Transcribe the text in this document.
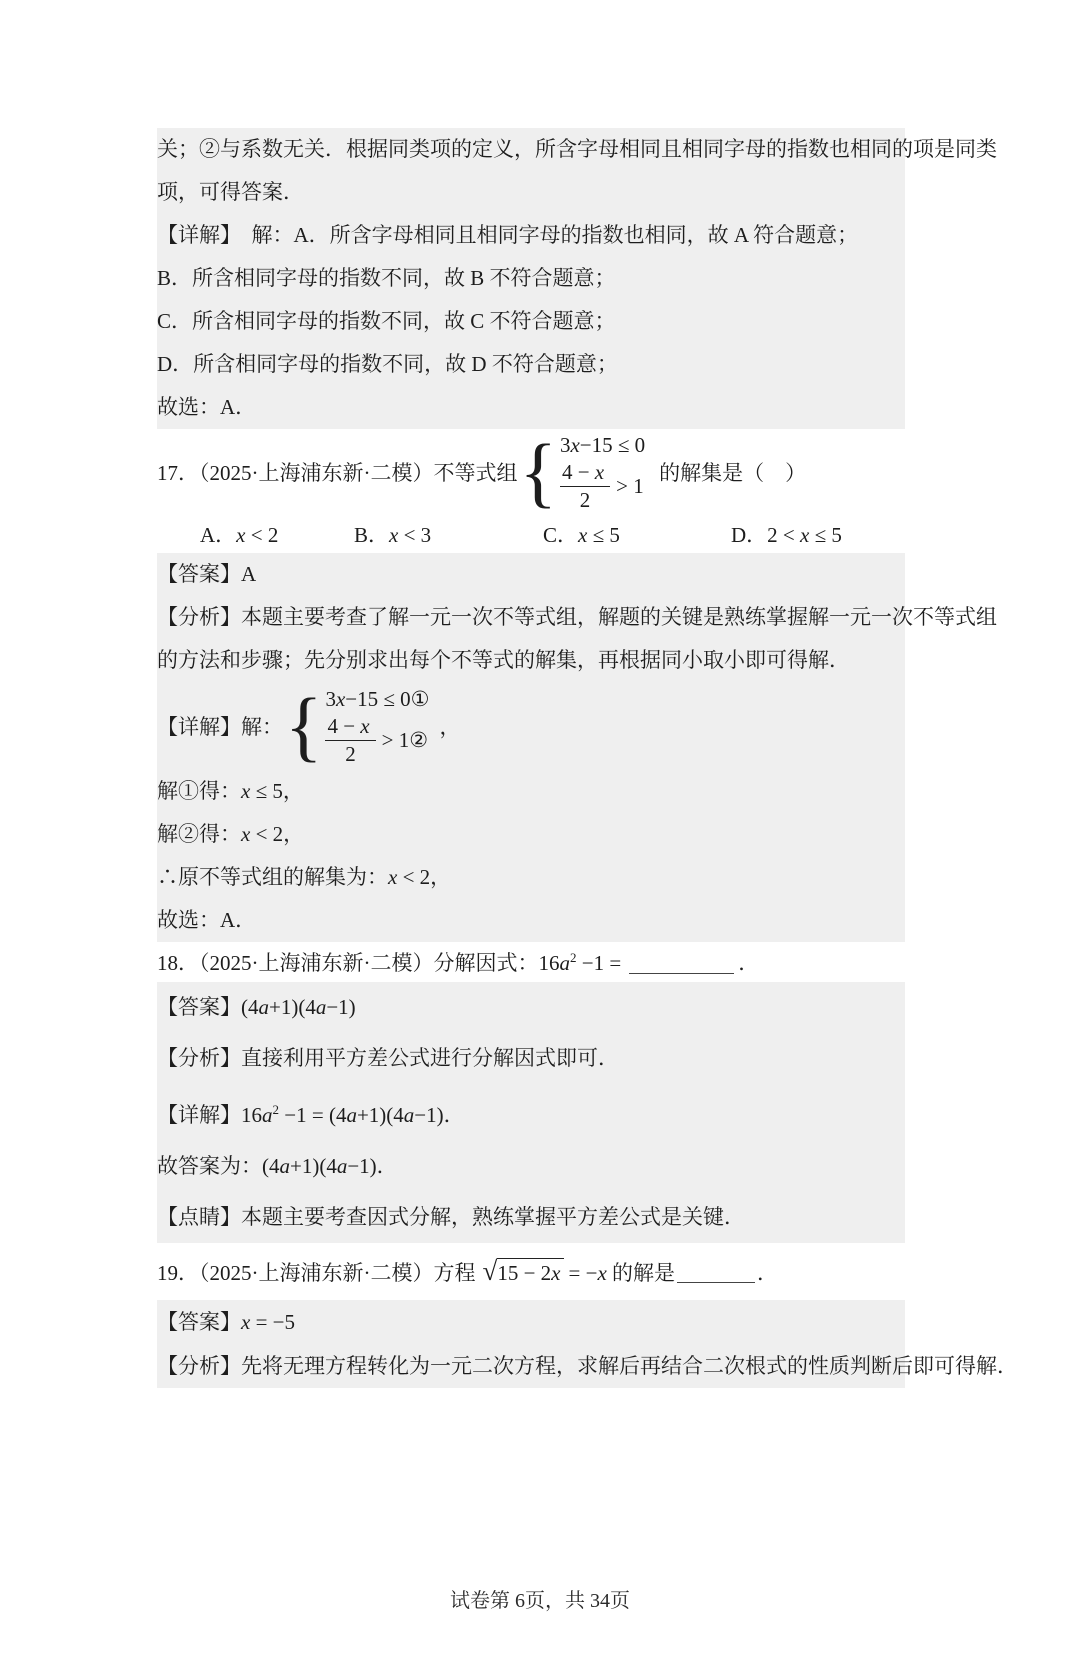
关；②与系数无关．根据同类项的定义，所含字母相同且相同字母的指数也相同的项是同类
项，可得答案．
【详解】　解：A．所含字母相同且相同字母的指数也相同，故 A 符合题意；
B．所含相同字母的指数不同，故 B 不符合题意；
C．所含相同字母的指数不同，故 C 不符合题意；
D．所含相同字母的指数不同，故 D 不符合题意；
故选：A．
17．（2025·上海浦东新·二模）不等式组 { 3x−15 ≤ 0
$\frac{4 - x}{2} > 1$
的解集是（　）
A．x < 2	B．x < 3	C．x ≤ 5	D．2 < x ≤ 5
【答案】A
【分析】本题主要考查了解一元一次不等式组，解题的关键是熟练掌握解一元一次不等式组
的方法和步骤；先分别求出每个不等式的解集，再根据同小取小即可得解．
【详解】解： { 3x−15 ≤ 0①
$\frac{4 - x}{2}$ > 1②
，
解①得：x ≤ 5，
解②得：x < 2，
∴原不等式组的解集为：x < 2，
故选：A．
18．（2025·上海浦东新·二模）分解因式：$16a^2 -1$ =	．
【答案】(4a+1)(4a−1)
【分析】直接利用平方差公式进行分解因式即可．
【详解】$16a^2 -1 = (4a+1)(4a-1)$．
故答案为：(4a+1)(4a−1)．
【点睛】本题主要考查因式分解，熟练掌握平方差公式是关键．
19．（2025·上海浦东新·二模）方程 √ 15 − 2x = −x 的解是	．
【答案】x = −5
【分析】先将无理方程转化为一元二次方程，求解后再结合二次根式的性质判断后即可得解．
试卷第 6页，共 34页
